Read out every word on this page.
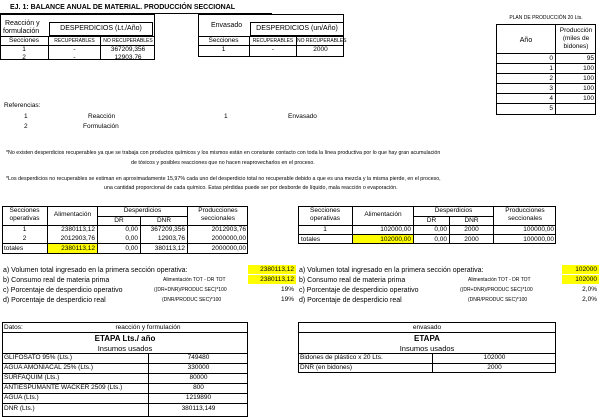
EJ. 1: BALANCE ANUAL DE MATERIAL. PRODUCCIÓN SECCIONAL
Reacción y
formulación	DESPERDICIOS (Lt./Año)
Secciones	RECUPERABLES	NO RECUPERABLES
1	-	367209,356
2	-	12903,76
Envasado	DESPERDICIOS (un/Año)
Secciones	RECUPERABLES NO RECUPERABLES
1	-	2000
PLAN DE PRODUCCIÓN 20 Lts.
Año
Producción
(miles de
bidones)
0	95
1	100
2	100
3	100
4	100
5
Referencias:
1	Reacción
2	Formulación
1	Envasado
*No existen desperdicios recuperables ya que se trabaja con productos químicos y los mismos están en constante contacto con toda la línea productiva por lo que hay gran acumulación
de tóxicos y posibles reacciones que no hacen reaprovecharlos en el proceso.
*Los desperdicios no recuperables se estiman en aproximadamente 15,97% cada uno del desperdicio total no recuperable debido a que es una mezcla y la misma pierde, en el proceso,
una cantidad proporcional de cada químico. Estas pérdidas puede ser por desborde de líquido, mala reacción o evaporación.
Secciones
operativas
Alimentación
Desperdicios
DR	DNR
Producciones
seccionales
1	2380113,12	0,00	367209,356	2012903,76
2	2012903,76	0,00	12903,76	2000000,00
totales	2380113,12	0,00	380113,12	2000000,00
Secciones
operativas
Alimentación
Desperdicios
DR	DNR
Producciones
seccionales
1	102000,00	0,00	2000	100000,00
totales	102000,00	0,00	2000	100000,00
a) Volumen total ingresado en la primera sección operativa:	2380113,12
b) Consumo real de materia prima	Alimentación TOT - DR TOT	2380113,12
c) Porcentaje de desperdicio operativo	((DR+DNR)/PRODUC SEC)*100	19%
d) Porcentaje de desperdicio real	(DNR/PRODUC SEC)*100	19%
a) Volumen total ingresado en la primera sección operativa:	102000
b) Consumo real de materia prima	Alimentación TOT - DR TOT	102000
c) Porcentaje de desperdicio operativo	((DR+DNR)/PRODUC SEC)*100	2,0%
d) Porcentaje de desperdicio real	(DNR/PRODUC SEC)*100	2,0%
Datos:	reacción y formulación
ETAPA Lts./ año
Insumos usados
GLIFOSATO 95% (Lts.)	749480
AGUA AMONIACAL 25% (Lts.)	330000
SURFAQUIM (Lts.)	80000
ANTIESPUMANTE WACKER 2509 (Lts.)	800
AGUA (Lts.)	1219890
DNR (Lts.)	380113,149
envasado
ETAPA
Insumos usados
Bidones de plástico x 20 Lts.	102000
DNR (en bidones)	2000
